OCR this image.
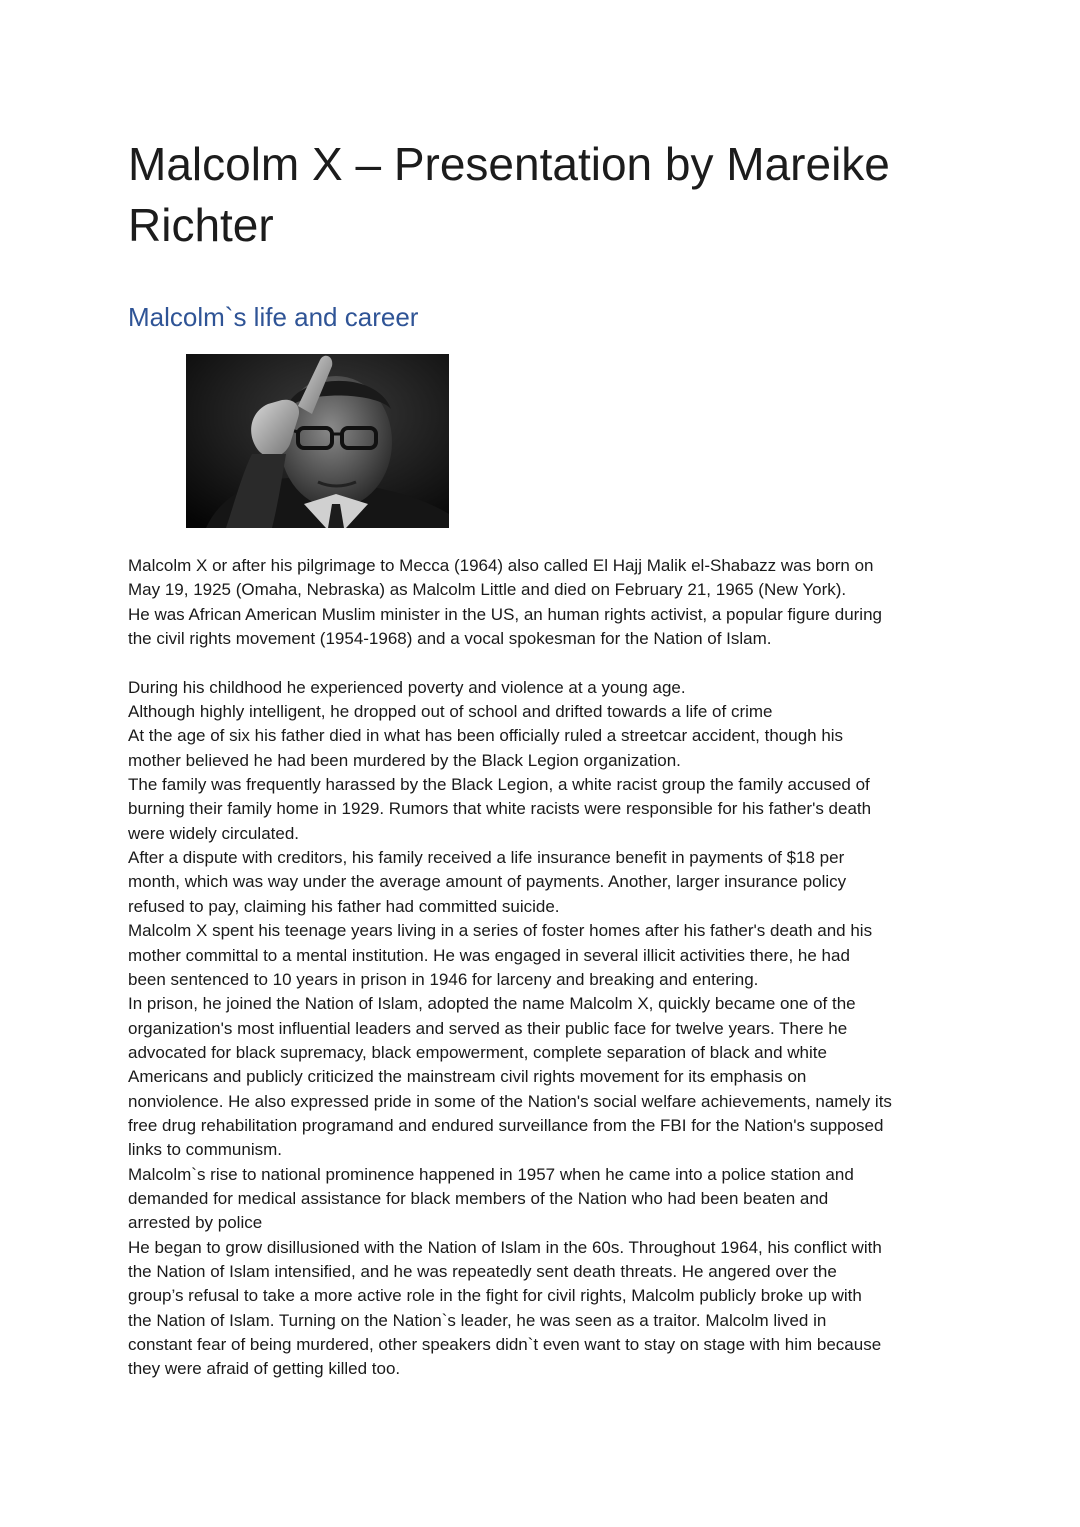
Malcolm X – Presentation by Mareike Richter
Malcolm`s life and career
Malcolm X or after his pilgrimage to Mecca (1964) also called El Hajj Malik el-Shabazz was born on
May 19, 1925 (Omaha, Nebraska) as Malcolm Little and died on February 21, 1965 (New York).
He was African American Muslim minister in the US, an human rights activist, a popular figure during
the civil rights movement (1954-1968) and a vocal spokesman for the Nation of Islam.
During his childhood he experienced poverty and violence at a young age.
Although highly intelligent, he dropped out of school and drifted towards a life of crime
At the age of six his father died in what has been officially ruled a streetcar accident, though his
mother believed he had been murdered by the Black Legion organization.
The family was frequently harassed by the Black Legion, a white racist group the family accused of
burning their family home in 1929. Rumors that white racists were responsible for his father's death
were widely circulated.
After a dispute with creditors, his family received a life insurance benefit in payments of $18 per
month, which was way under the average amount of payments. Another, larger insurance policy
refused to pay, claiming his father had committed suicide.
Malcolm X spent his teenage years living in a series of foster homes after his father's death and his
mother committal to a mental institution. He was engaged in several illicit activities there, he had
been sentenced to 10 years in prison in 1946 for larceny and breaking and entering.
In prison, he joined the Nation of Islam, adopted the name Malcolm X, quickly became one of the
organization's most influential leaders and served as their public face for twelve years. There he
advocated for black supremacy, black empowerment, complete separation of black and white
Americans and publicly criticized the mainstream civil rights movement for its emphasis on
nonviolence. He also expressed pride in some of the Nation's social welfare achievements, namely its
free drug rehabilitation programand and endured surveillance from the FBI for the Nation's supposed
links to communism.
Malcolm`s rise to national prominence happened in 1957 when he came into a police station and
demanded for medical assistance for black members of the Nation who had been beaten and
arrested by police
He began to grow disillusioned with the Nation of Islam in the 60s. Throughout 1964, his conflict with
the Nation of Islam intensified, and he was repeatedly sent death threats. He angered over the
group’s refusal to take a more active role in the fight for civil rights, Malcolm publicly broke up with
the Nation of Islam. Turning on the Nation`s leader, he was seen as a traitor. Malcolm lived in
constant fear of being murdered, other speakers didn`t even want to stay on stage with him because
they were afraid of getting killed too.
